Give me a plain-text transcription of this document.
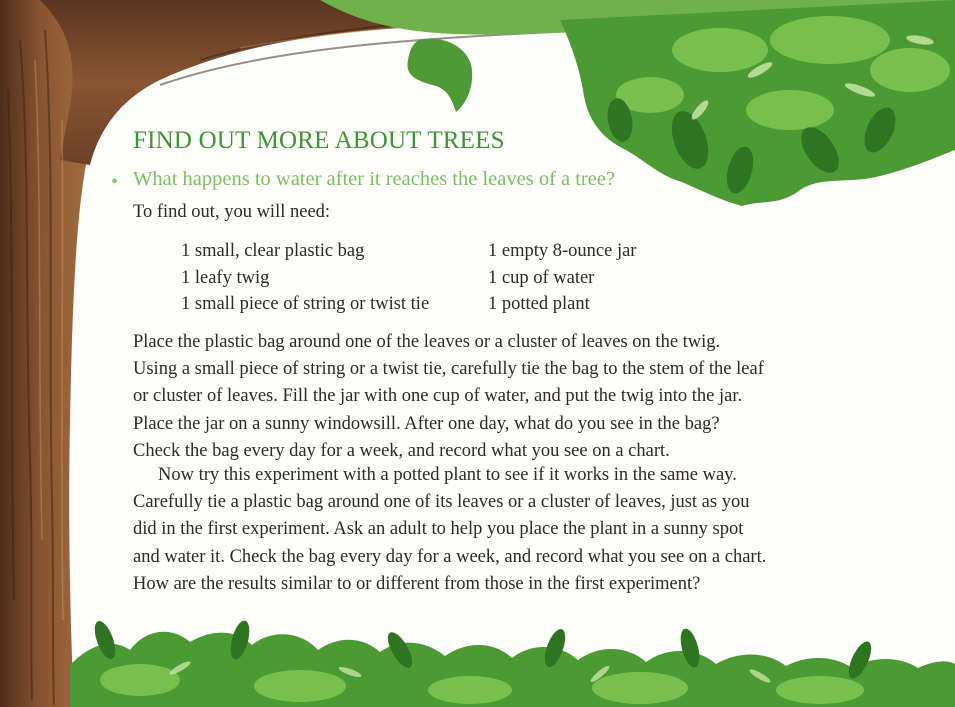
FIND OUT MORE ABOUT TREES
• What happens to water after it reaches the leaves of a tree?
To find out, you will need:
1 small, clear plastic bag
1 leafy twig
1 small piece of string or twist tie
1 empty 8-ounce jar
1 cup of water
1 potted plant
Place the plastic bag around one of the leaves or a cluster of leaves on the twig.
Using a small piece of string or a twist tie, carefully tie the bag to the stem of the leaf
or cluster of leaves. Fill the jar with one cup of water, and put the twig into the jar.
Place the jar on a sunny windowsill. After one day, what do you see in the bag?
Check the bag every day for a week, and record what you see on a chart.
Now try this experiment with a potted plant to see if it works in the same way.
Carefully tie a plastic bag around one of its leaves or a cluster of leaves, just as you
did in the first experiment. Ask an adult to help you place the plant in a sunny spot
and water it. Check the bag every day for a week, and record what you see on a chart.
How are the results similar to or different from those in the first experiment?
